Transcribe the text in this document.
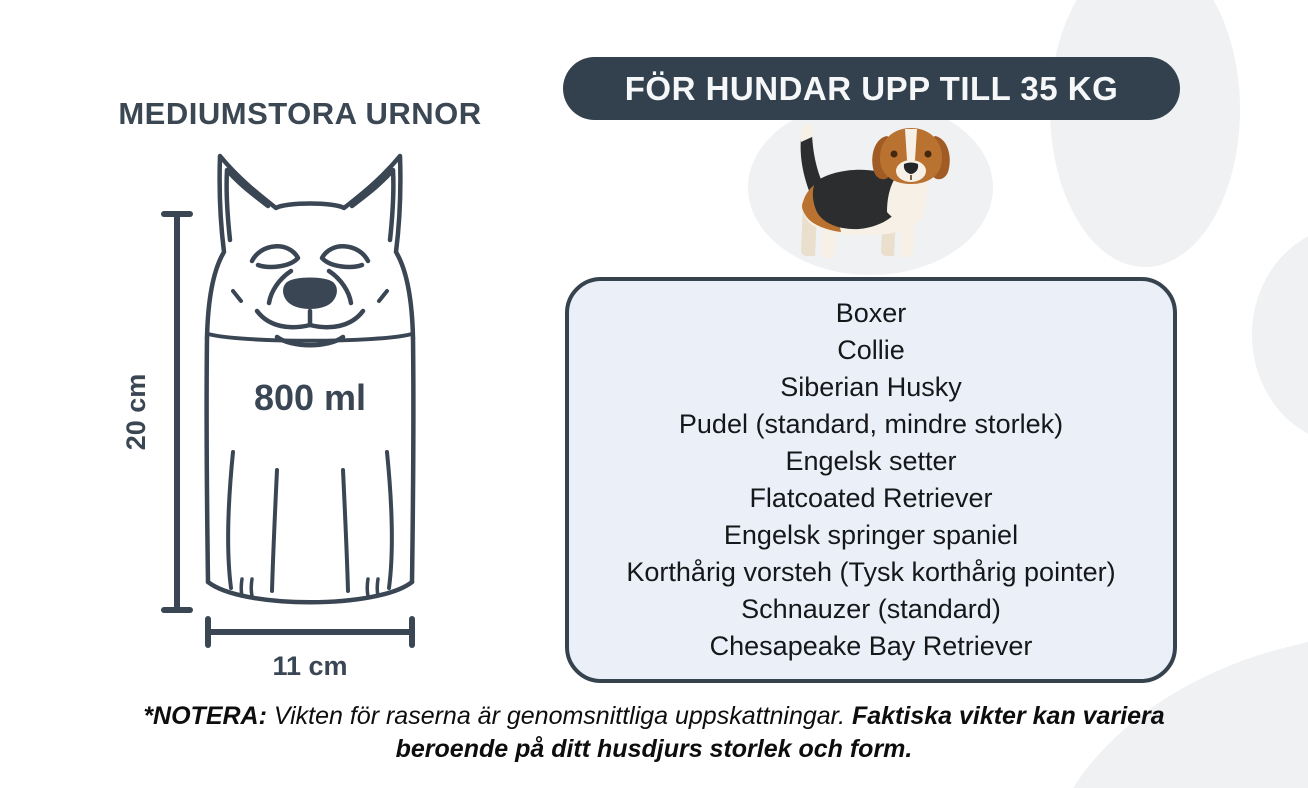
MEDIUMSTORA URNOR
20 cm
11 cm
800 ml
FÖR HUNDAR UPP TILL 35 KG
Boxer
Collie
Siberian Husky
Pudel (standard, mindre storlek)
Engelsk setter
Flatcoated Retriever
Engelsk springer spaniel
Korthårig vorsteh (Tysk korthårig pointer)
Schnauzer (standard)
Chesapeake Bay Retriever

*NOTERA: Vikten för raserna är genomsnittliga uppskattningar. Faktiska vikter kan variera beroende på ditt husdjurs storlek och form.
